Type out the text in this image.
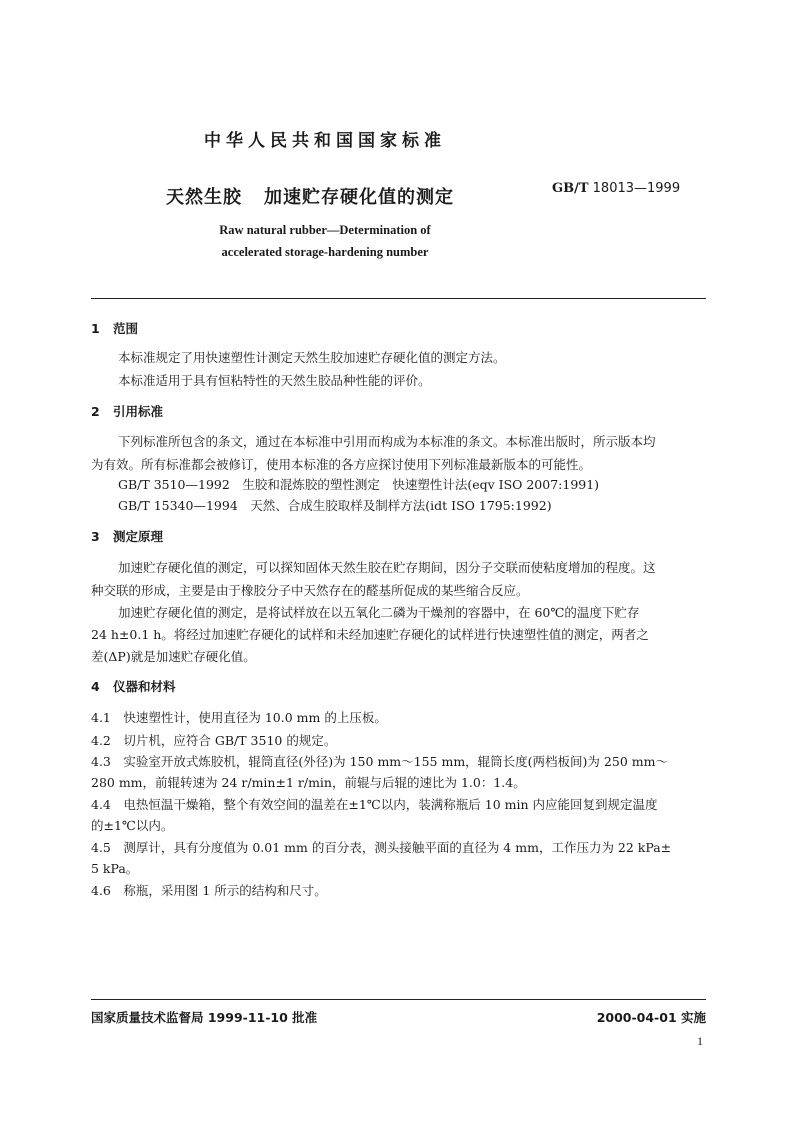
中华人民共和国国家标准
天然生胶 加速贮存硬化值的测定	GB/T 18013—1999
Raw natural rubber—Determination of
accelerated storage-hardening number
1 范围
本标准规定了用快速塑性计测定天然生胶加速贮存硬化值的测定方法。
本标准适用于具有恒粘特性的天然生胶品种性能的评价。
2 引用标准
下列标准所包含的条文，通过在本标准中引用而构成为本标准的条文。本标准出版时，所示版本均
为有效。所有标准都会被修订，使用本标准的各方应探讨使用下列标准最新版本的可能性。
GB/T 3510—1992　生胶和混炼胶的塑性测定　快速塑性计法(eqv ISO 2007:1991)
GB/T 15340—1994　天然、合成生胶取样及制样方法(idt ISO 1795:1992)
3 测定原理
加速贮存硬化值的测定，可以探知固体天然生胶在贮存期间，因分子交联而使粘度增加的程度。这
种交联的形成，主要是由于橡胶分子中天然存在的醛基所促成的某些缩合反应。
加速贮存硬化值的测定，是将试样放在以五氧化二磷为干燥剂的容器中，在 60℃的温度下贮存
24 h±0.1 h。将经过加速贮存硬化的试样和未经加速贮存硬化的试样进行快速塑性值的测定，两者之
差(ΔP)就是加速贮存硬化值。
4 仪器和材料
4.1　快速塑性计，使用直径为 10.0 mm 的上压板。
4.2　切片机，应符合 GB/T 3510 的规定。
4.3　实验室开放式炼胶机，辊筒直径(外径)为 150 mm～155 mm，辊筒长度(两档板间)为 250 mm～
280 mm，前辊转速为 24 r/min±1 r/min，前辊与后辊的速比为 1.0：1.4。
4.4　电热恒温干燥箱，整个有效空间的温差在±1℃以内，装满称瓶后 10 min 内应能回复到规定温度
的±1℃以内。
4.5　测厚计，具有分度值为 0.01 mm 的百分表，测头接触平面的直径为 4 mm，工作压力为 22 kPa±
5 kPa。
4.6　称瓶，采用图 1 所示的结构和尺寸。
国家质量技术监督局 1999-11-10 批准	2000-04-01 实施
1
